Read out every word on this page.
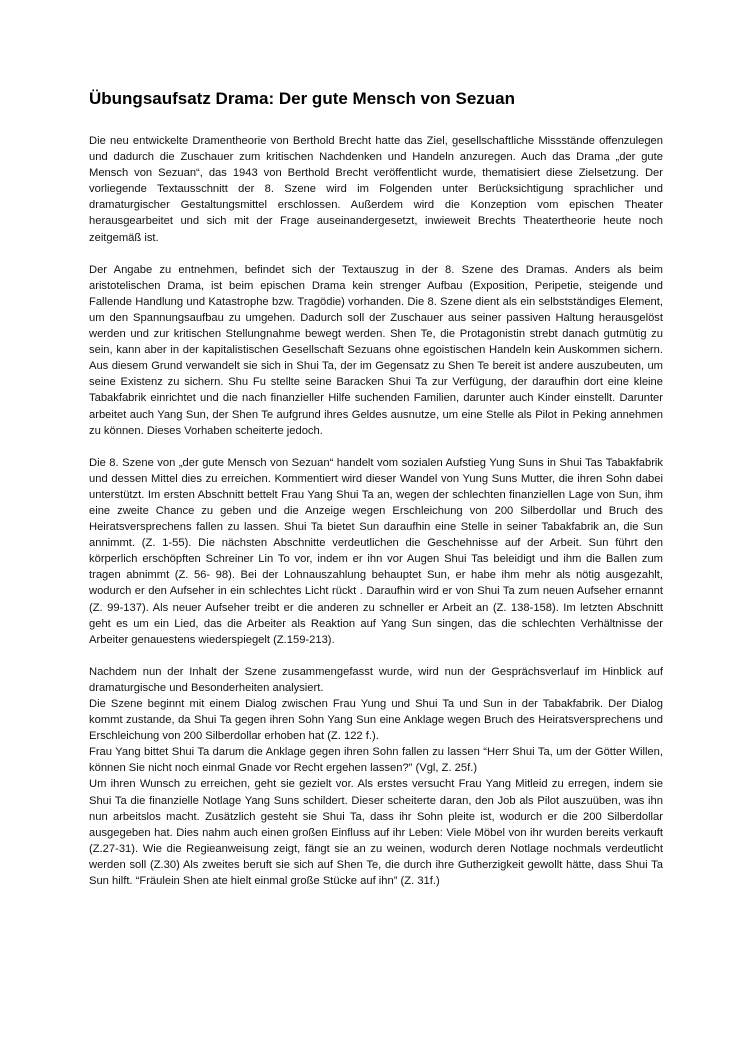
Übungsaufsatz Drama: Der gute Mensch von Sezuan

Die neu entwickelte Dramentheorie von Berthold Brecht hatte das Ziel, gesellschaftliche Missstände offenzulegen und dadurch die Zuschauer zum kritischen Nachdenken und Handeln anzuregen. Auch das Drama „der gute Mensch von Sezuan“, das 1943 von Berthold Brecht veröffentlicht wurde, thematisiert diese Zielsetzung. Der vorliegende Textausschnitt der 8. Szene wird im Folgenden unter Berücksichtigung sprachlicher und dramaturgischer Gestaltungsmittel erschlossen. Außerdem wird die Konzeption vom epischen Theater herausgearbeitet und sich mit der Frage auseinandergesetzt, inwieweit Brechts Theatertheorie heute noch zeitgemäß ist.

Der Angabe zu entnehmen, befindet sich der Textauszug in der 8. Szene des Dramas. Anders als beim aristotelischen Drama, ist beim epischen Drama kein strenger Aufbau (Exposition, Peripetie, steigende und Fallende Handlung und Katastrophe bzw. Tragödie) vorhanden. Die 8. Szene dient als ein selbstständiges Element, um den Spannungsaufbau zu umgehen. Dadurch soll der Zuschauer aus seiner passiven Haltung herausgelöst werden und zur kritischen Stellungnahme bewegt werden. Shen Te, die Protagonistin strebt danach gutmütig zu sein, kann aber in der kapitalistischen Gesellschaft Sezuans ohne egoistischen Handeln kein Auskommen sichern. Aus diesem Grund verwandelt sie sich in Shui Ta, der im Gegensatz zu Shen Te bereit ist andere auszubeuten, um seine Existenz zu sichern. Shu Fu stellte seine Baracken Shui Ta zur Verfügung, der daraufhin dort eine kleine Tabakfabrik einrichtet und die nach finanzieller Hilfe suchenden Familien, darunter auch Kinder einstellt. Darunter arbeitet auch Yang Sun, der Shen Te aufgrund ihres Geldes ausnutze, um eine Stelle als Pilot in Peking annehmen zu können. Dieses Vorhaben scheiterte jedoch.

Die 8. Szene von „der gute Mensch von Sezuan“ handelt vom sozialen Aufstieg Yung Suns in Shui Tas Tabakfabrik und dessen Mittel dies zu erreichen. Kommentiert wird dieser Wandel von Yung Suns Mutter, die ihren Sohn dabei unterstützt. Im ersten Abschnitt bettelt Frau Yang Shui Ta an, wegen der schlechten finanziellen Lage von Sun, ihm eine zweite Chance zu geben und die Anzeige wegen Erschleichung von 200 Silberdollar und Bruch des Heiratsversprechens fallen zu lassen. Shui Ta bietet Sun daraufhin eine Stelle in seiner Tabakfabrik an, die Sun annimmt. (Z. 1-55). Die nächsten Abschnitte verdeutlichen die Geschehnisse auf der Arbeit. Sun führt den körperlich erschöpften Schreiner Lin To vor, indem er ihn vor Augen Shui Tas beleidigt und ihm die Ballen zum tragen abnimmt (Z. 56- 98). Bei der Lohnauszahlung behauptet Sun, er habe ihm mehr als nötig ausgezahlt, wodurch er den Aufseher in ein schlechtes Licht rückt . Daraufhin wird er von Shui Ta zum neuen Aufseher ernannt (Z. 99-137). Als neuer Aufseher treibt er die anderen zu schneller er Arbeit an (Z. 138-158). Im letzten Abschnitt geht es um ein Lied, das die Arbeiter als Reaktion auf Yang Sun singen, das die schlechten Verhältnisse der Arbeiter genauestens wiederspiegelt (Z.159-213).

Nachdem nun der Inhalt der Szene zusammengefasst wurde, wird nun der Gesprächsverlauf im Hinblick auf dramaturgische und Besonderheiten analysiert.

Die Szene beginnt mit einem Dialog zwischen Frau Yung und Shui Ta und Sun in der Tabakfabrik. Der Dialog kommt zustande, da Shui Ta gegen ihren Sohn Yang Sun eine Anklage wegen Bruch des Heiratsversprechens und Erschleichung von 200 Silberdollar erhoben hat (Z. 122 f.).

Frau Yang bittet Shui Ta darum die Anklage gegen ihren Sohn fallen zu lassen “Herr Shui Ta, um der Götter Willen, können Sie nicht noch einmal Gnade vor Recht ergehen lassen?” (Vgl, Z. 25f.)

Um ihren Wunsch zu erreichen, geht sie gezielt vor. Als erstes versucht Frau Yang Mitleid zu erregen, indem sie Shui Ta die finanzielle Notlage Yang Suns schildert. Dieser scheiterte daran, den Job als Pilot auszuüben, was ihn nun arbeitslos macht. Zusätzlich gesteht sie Shui Ta, dass ihr Sohn pleite ist, wodurch er die 200 Silberdollar ausgegeben hat. Dies nahm auch einen großen Einfluss auf ihr Leben: Viele Möbel von ihr wurden bereits verkauft (Z.27-31). Wie die Regieanweisung zeigt, fängt sie an zu weinen, wodurch deren Notlage nochmals verdeutlicht werden soll (Z.30) Als zweites beruft sie sich auf Shen Te, die durch ihre Gutherzigkeit gewollt hätte, dass Shui Ta Sun hilft. “Fräulein Shen ate hielt einmal große Stücke auf ihn” (Z. 31f.)
